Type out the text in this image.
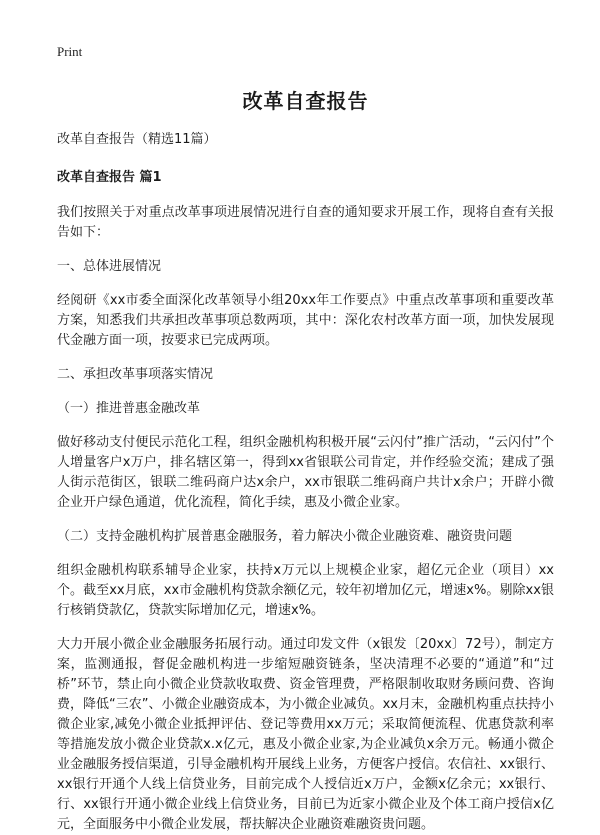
Print
改革自查报告
改革自查报告（精选11篇）
改革自查报告 篇1
我们按照关于对重点改革事项进展情况进行自查的通知要求开展工作，现将自查有关报告如下：
一、总体进展情况
经阅研《xx市委全面深化改革领导小组20xx年工作要点》中重点改革事项和重要改革方案，知悉我们共承担改革事项总数两项，其中：深化农村改革方面一项，加快发展现代金融方面一项，按要求已完成两项。
二、承担改革事项落实情况
（一）推进普惠金融改革
做好移动支付便民示范化工程，组织金融机构积极开展“云闪付”推广活动，“云闪付”个人增量客户x万户，排名辖区第一，得到xx省银联公司肯定，并作经验交流；建成了强人街示范街区，银联二维码商户达x余户，xx市银联二维码商户共计x余户；开辟小微企业开户绿色通道，优化流程，简化手续，惠及小微企业家。
（二）支持金融机构扩展普惠金融服务，着力解决小微企业融资难、融资贵问题
组织金融机构联系辅导企业家，扶持x万元以上规模企业家，超亿元企业（项目）xx个。截至xx月底，xx市金融机构贷款余额亿元，较年初增加亿元，增速x%。剔除xx银行核销贷款亿，贷款实际增加亿元，增速x%。
大力开展小微企业金融服务拓展行动。通过印发文件（x银发〔20xx〕72号），制定方案，监测通报，督促金融机构进一步缩短融资链条，坚决清理不必要的“通道”和“过桥”环节，禁止向小微企业贷款收取费、资金管理费，严格限制收取财务顾问费、咨询费，降低“三农”、小微企业融资成本，为小微企业减负。xx月末，金融机构重点扶持小微企业家,减免小微企业抵押评估、登记等费用xx万元；采取简便流程、优惠贷款利率等措施发放小微企业贷款x.x亿元，惠及小微企业家,为企业减负x余万元。畅通小微企业金融服务授信渠道，引导金融机构开展线上业务，方便客户授信。农信社、xx银行、xx银行开通个人线上信贷业务，目前完成个人授信近x万户，金额x亿余元；xx银行、行、xx银行开通小微企业线上信贷业务，目前已为近家小微企业及个体工商户授信x亿元，全面服务中小微企业发展，帮扶解决企业融资难融资贵问题。
